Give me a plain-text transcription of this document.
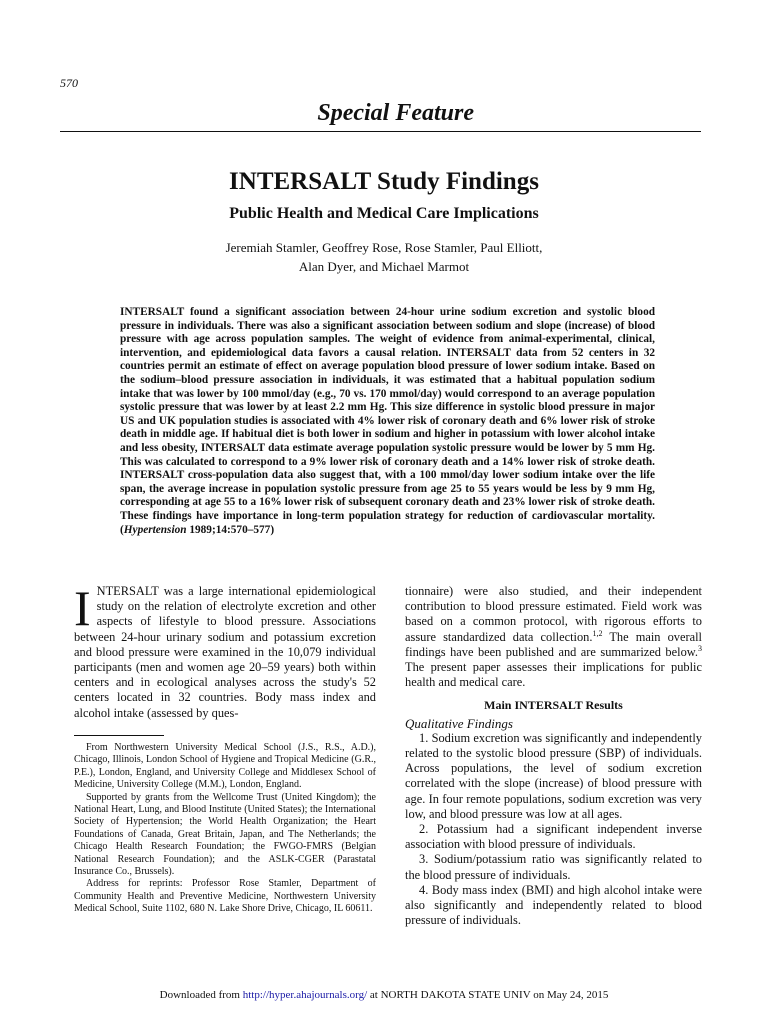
570
Special Feature
INTERSALT Study Findings
Public Health and Medical Care Implications
Jeremiah Stamler, Geoffrey Rose, Rose Stamler, Paul Elliott,
Alan Dyer, and Michael Marmot
INTERSALT found a significant association between 24-hour urine sodium excretion and systolic blood pressure in individuals. There was also a significant association between sodium and slope (increase) of blood pressure with age across population samples. The weight of evidence from animal-experimental, clinical, intervention, and epidemiological data favors a causal relation. INTERSALT data from 52 centers in 32 countries permit an estimate of effect on average population blood pressure of lower sodium intake. Based on the sodium–blood pressure association in individuals, it was estimated that a habitual population sodium intake that was lower by 100 mmol/day (e.g., 70 vs. 170 mmol/day) would correspond to an average population systolic pressure that was lower by at least 2.2 mm Hg. This size difference in systolic blood pressure in major US and UK population studies is associated with 4% lower risk of coronary death and 6% lower risk of stroke death in middle age. If habitual diet is both lower in sodium and higher in potassium with lower alcohol intake and less obesity, INTERSALT data estimate average population systolic pressure would be lower by 5 mm Hg. This was calculated to correspond to a 9% lower risk of coronary death and a 14% lower risk of stroke death. INTERSALT cross-population data also suggest that, with a 100 mmol/day lower sodium intake over the life span, the average increase in population systolic pressure from age 25 to 55 years would be less by 9 mm Hg, corresponding at age 55 to a 16% lower risk of subsequent coronary death and 23% lower risk of stroke death. These findings have importance in long-term population strategy for reduction of cardiovascular mortality. (Hypertension 1989;14:570–577)
INTERSALT was a large international epidemiological study on the relation of electrolyte excretion and other aspects of lifestyle to blood pressure. Associations between 24-hour urinary sodium and potassium excretion and blood pressure were examined in the 10,079 individual participants (men and women age 20–59 years) both within centers and in ecological analyses across the study's 52 centers located in 32 countries. Body mass index and alcohol intake (assessed by ques-

From Northwestern University Medical School (J.S., R.S., A.D.), Chicago, Illinois, London School of Hygiene and Tropical Medicine (G.R., P.E.), London, England, and University College and Middlesex School of Medicine, University College (M.M.), London, England.

Supported by grants from the Wellcome Trust (United Kingdom); the National Heart, Lung, and Blood Institute (United States); the International Society of Hypertension; the World Health Organization; the Heart Foundations of Canada, Great Britain, Japan, and The Netherlands; the Chicago Health Research Foundation; the FWGO-FMRS (Belgian National Research Foundation); and the ASLK-CGER (Parastatal Insurance Co., Brussels).

Address for reprints: Professor Rose Stamler, Department of Community Health and Preventive Medicine, Northwestern University Medical School, Suite 1102, 680 N. Lake Shore Drive, Chicago, IL 60611.

tionnaire) were also studied, and their independent contribution to blood pressure estimated. Field work was based on a common protocol, with rigorous efforts to assure standardized data collection.$^{1,2}$ The main overall findings have been published and are summarized below.$^3$ The present paper assesses their implications for public health and medical care.

Main INTERSALT Results

Qualitative Findings

1. Sodium excretion was significantly and independently related to the systolic blood pressure (SBP) of individuals. Across populations, the level of sodium excretion correlated with the slope (increase) of blood pressure with age. In four remote populations, sodium excretion was very low, and blood pressure was low at all ages.

2. Potassium had a significant independent inverse association with blood pressure of individuals.

3. Sodium/potassium ratio was significantly related to the blood pressure of individuals.

4. Body mass index (BMI) and high alcohol intake were also significantly and independently related to blood pressure of individuals.

Downloaded from http://hyper.ahajournals.org/ at NORTH DAKOTA STATE UNIV on May 24, 2015
